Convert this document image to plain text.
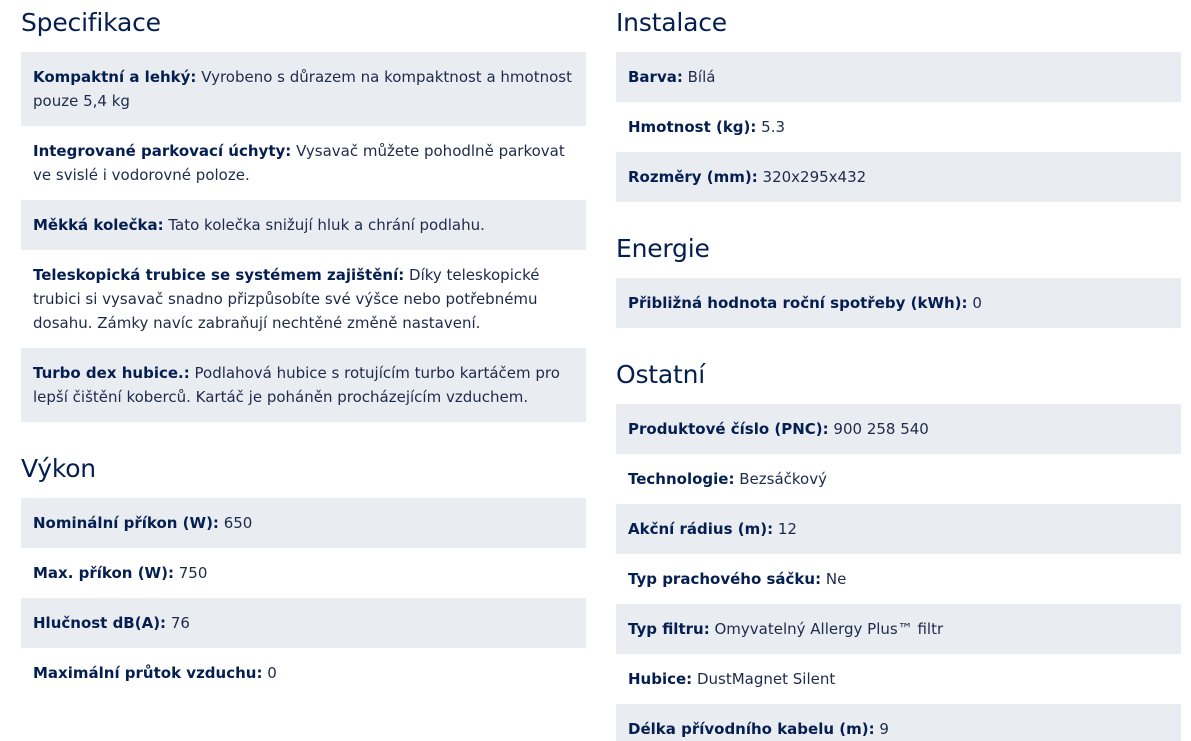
Specifikace
Kompaktní a lehký: Vyrobeno s důrazem na kompaktnost a hmotnost pouze 5,4 kg
Integrované parkovací úchyty: Vysavač můžete pohodlně parkovat ve svislé i vodorovné poloze.
Měkká kolečka: Tato kolečka snižují hluk a chrání podlahu.
Teleskopická trubice se systémem zajištění: Díky teleskopické trubici si vysavač snadno přizpůsobíte své výšce nebo potřebnému dosahu. Zámky navíc zabraňují nechtěné změně nastavení.
Turbo dex hubice.: Podlahová hubice s rotujícím turbo kartáčem pro lepší čištění koberců. Kartáč je poháněn procházejícím vzduchem.
Výkon
Nominální příkon (W): 650
Max. příkon (W): 750
Hlučnost dB(A): 76
Maximální průtok vzduchu: 0
Instalace
Barva: Bílá
Hmotnost (kg): 5.3
Rozměry (mm): 320x295x432
Energie
Přibližná hodnota roční spotřeby (kWh): 0
Ostatní
Produktové číslo (PNC): 900 258 540
Technologie: Bezsáčkový
Akční rádius (m): 12
Typ prachového sáčku: Ne
Typ filtru: Omyvatelný Allergy Plus™ filtr
Hubice: DustMagnet Silent
Délka přívodního kabelu (m): 9
